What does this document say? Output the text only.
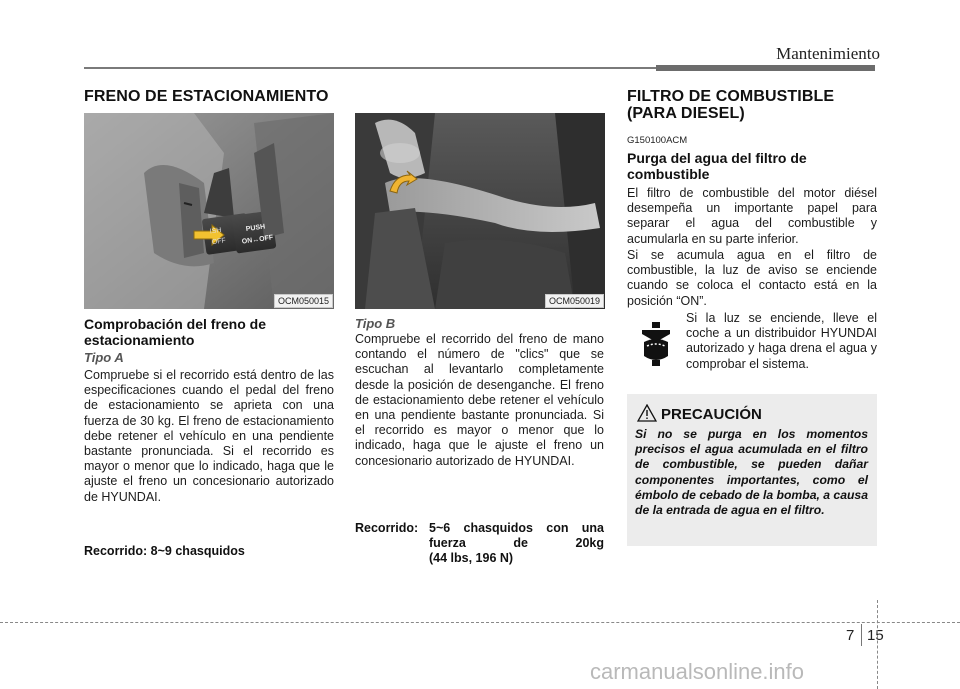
Mantenimiento
FRENO DE ESTACIONAMIENTO
ISH
OFF
PUSH
ON↔OFF
OCM050015
Comprobación del freno de estacionamiento
Tipo A
Compruebe si el recorrido está dentro de las especificaciones cuando el pedal del freno de estacionamiento se aprieta con una fuerza de 30 kg. El freno de estacionamiento debe retener el vehículo en una pendiente bastante pronunciada. Si el recorrido es mayor o menor que lo indicado, haga que le ajuste el freno un concesionario autorizado de HYUNDAI.
Recorrido: 8~9 chasquidos
OCM050019
Tipo B
Compruebe el recorrido del freno de mano contando el número de "clics" que se escuchan al levantarlo completamente desde la posición de desenganche. El freno de estacionamiento debe retener el vehículo en una pendiente bastante pronunciada. Si el recorrido es mayor o menor que lo indicado, haga que le ajuste el freno un concesionario autorizado de HYUNDAI.
Recorrido: 5~6 chasquidos con una
fuerza de 20kg
(44 lbs, 196 N)
FILTRO DE COMBUSTIBLE
(PARA DIESEL)
G150100ACM
Purga del agua del filtro de combustible
El filtro de combustible del motor diésel desempeña un importante papel para separar el agua del combustible y acumularla en su parte inferior.
Si se acumula agua en el filtro de combustible, la luz de aviso se enciende cuando se coloca el contacto está en la posición “ON”.
Si la luz se enciende, lleve el coche a un distribuidor HYUNDAI autorizado y haga drena el agua y comprobar el sistema.
PRECAUCIÓN
Si no se purga en los momentos precisos el agua acumulada en el filtro de combustible, se pueden dañar componentes importantes, como el émbolo de cebado de la bomba, a causa de la entrada de agua en el filtro.
7 15
carmanualsonline.info
